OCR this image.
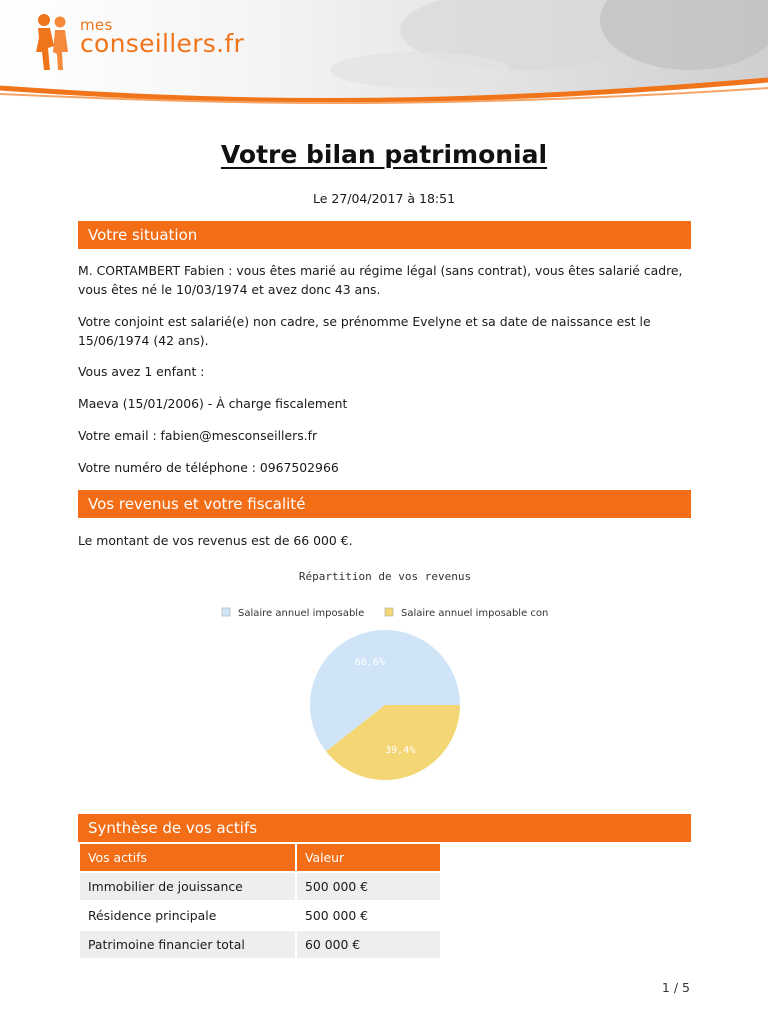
mes
conseillers.fr
Votre bilan patrimonial
Le 27/04/2017 à 18:51
Votre situation

M. CORTAMBERT Fabien : vous êtes marié au régime légal (sans contrat), vous êtes salarié cadre, vous êtes né le 10/03/1974 et avez donc 43 ans.

Votre conjoint est salarié(e) non cadre, se prénomme Evelyne et sa date de naissance est le 15/06/1974 (42 ans).

Vous avez 1 enfant :

Maeva (15/01/2006) - À charge fiscalement

Votre email : fabien@mesconseillers.fr

Votre numéro de téléphone : 0967502966

Vos revenus et votre fiscalité

Le montant de vos revenus est de 66 000 €.

Répartition de vos revenus
Salaire annuel imposable	Salaire annuel imposable con
60,6%
39,4%
Synthèse de vos actifs
Vos actifs	Valeur
Immobilier de jouissance	500 000 €
Résidence principale	500 000 €
Patrimoine financier total	60 000 €
1 / 5
